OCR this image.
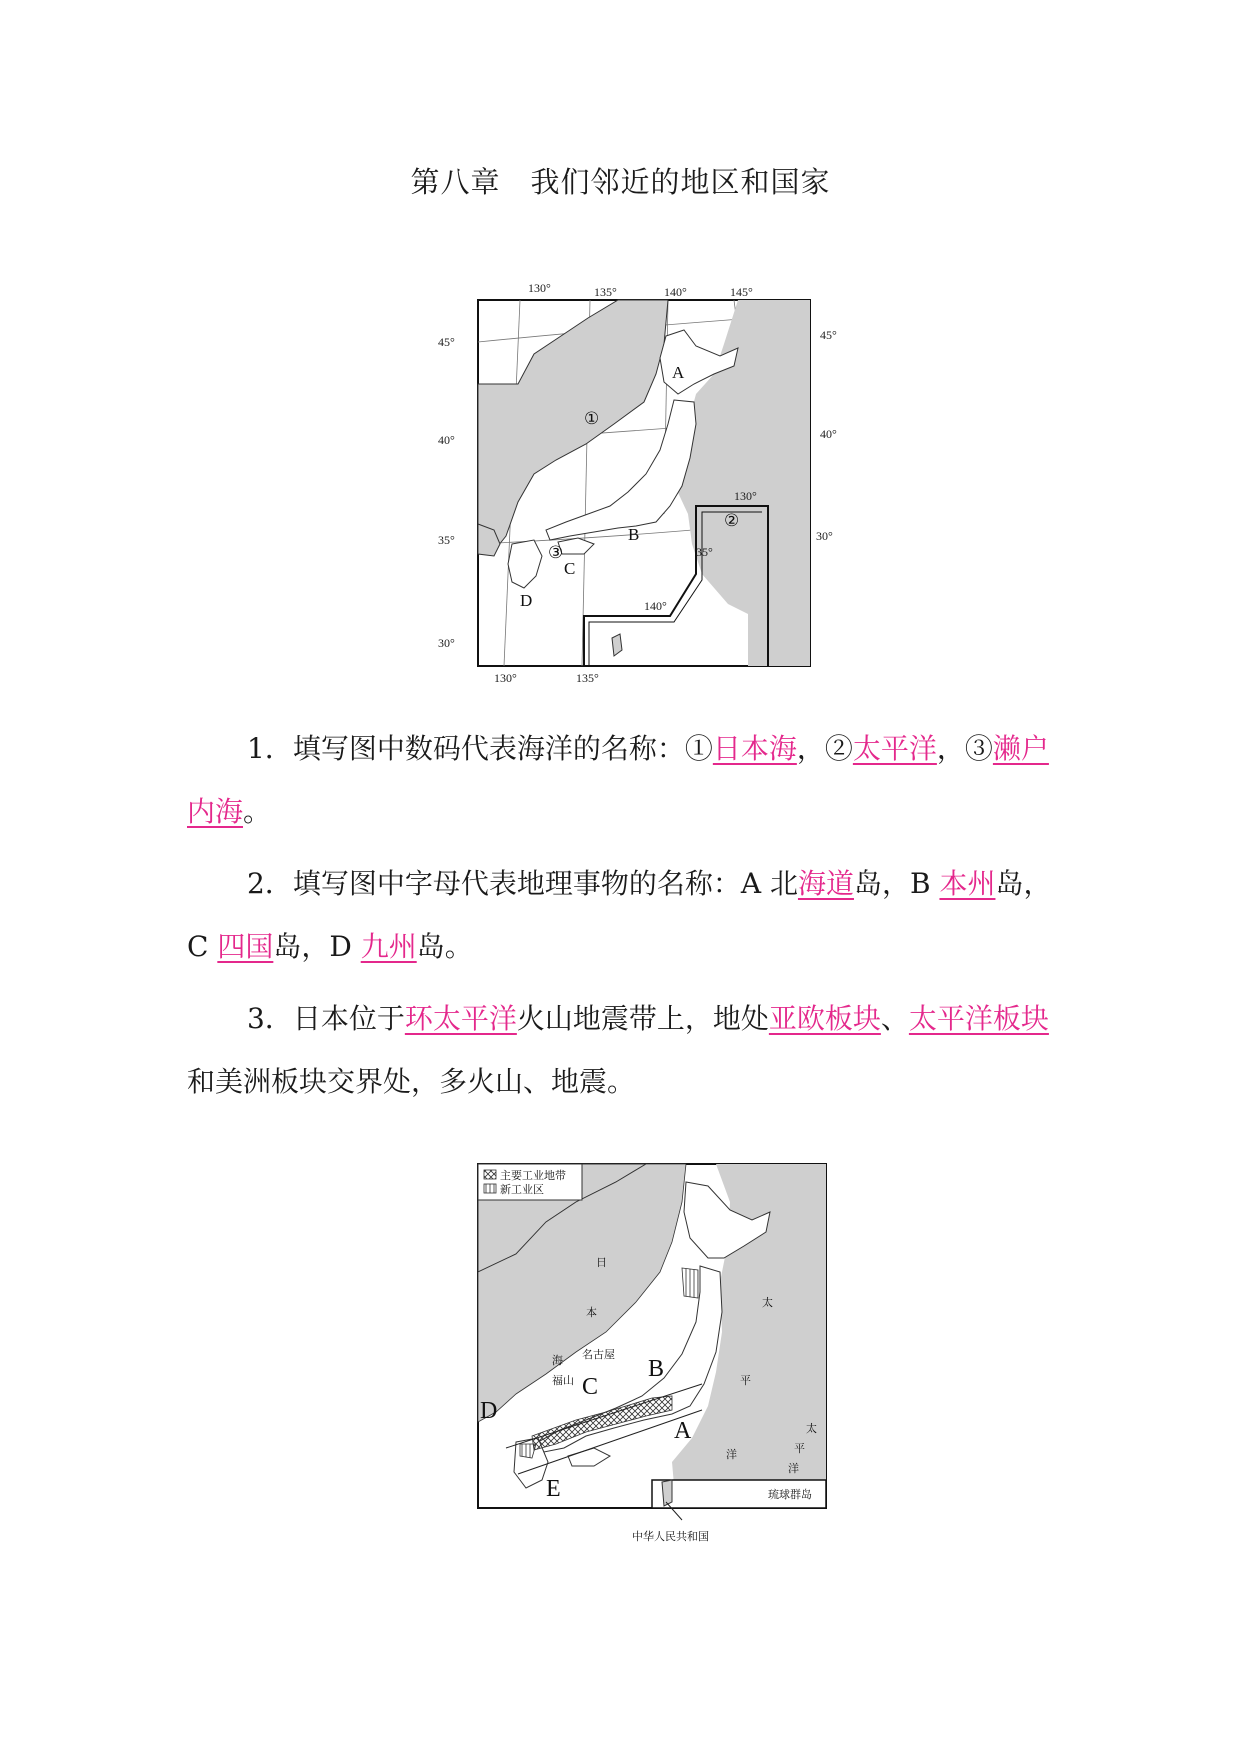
第八章　我们邻近的地区和国家
130°	135°	140°	145°
45°
40°
35°
30°
45°
40°
30°
130°
140°
35°
130°	135°
①
②
③
A
B
C
D
1．填写图中数码代表海洋的名称：①日本海，②太平洋，③濑户内海。
2．填写图中字母代表地理事物的名称：A 北海道岛，B 本州岛，C 四国岛，D 九州岛。
3．日本位于环太平洋火山地震带上，地处亚欧板块、太平洋板块和美洲板块交界处，多火山、地震。
主要工业地带
新工业区
日
本
海
太
平
洋
太
平
洋
名古屋
福山
A
B
C
D
E	琉球群岛
中华人民共和国
